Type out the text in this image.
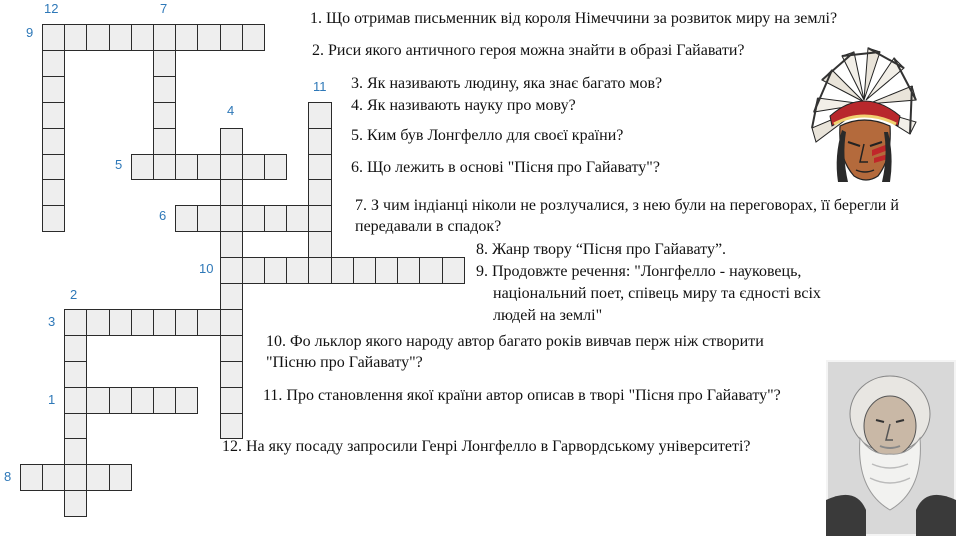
12	7
9
11
4
5
6
10
2
3
1
8
1. Що отримав письменник від короля Німеччини за розвиток миру на землі?
2. Риси якого античного героя можна знайти в образі Гайавати?
3. Як називають людину, яка знає багато мов?
4. Як називають науку про мову?
5. Ким був Лонгфелло для своєї країни?
6. Що лежить в основі "Пісня про Гайавату"?
7. З чим індіанці ніколи не розлучалися, з нею були на переговорах, її берегли й передавали в спадок?
8. Жанр твору “Пісня про Гайавату”.
9. Продовжте речення: "Лонгфелло - науковець,
національний поет, співець миру та єдності всіх
людей на землі"
10. Фо льклор якого народу автор багато років вивчав перж ніж створити "Пісню про Гайавату"?
11. Про становлення якої країни автор описав в творі "Пісня про Гайавату"?
12. На яку посаду запросили Генрі Лонгфелло в Гарвордському університеті?
